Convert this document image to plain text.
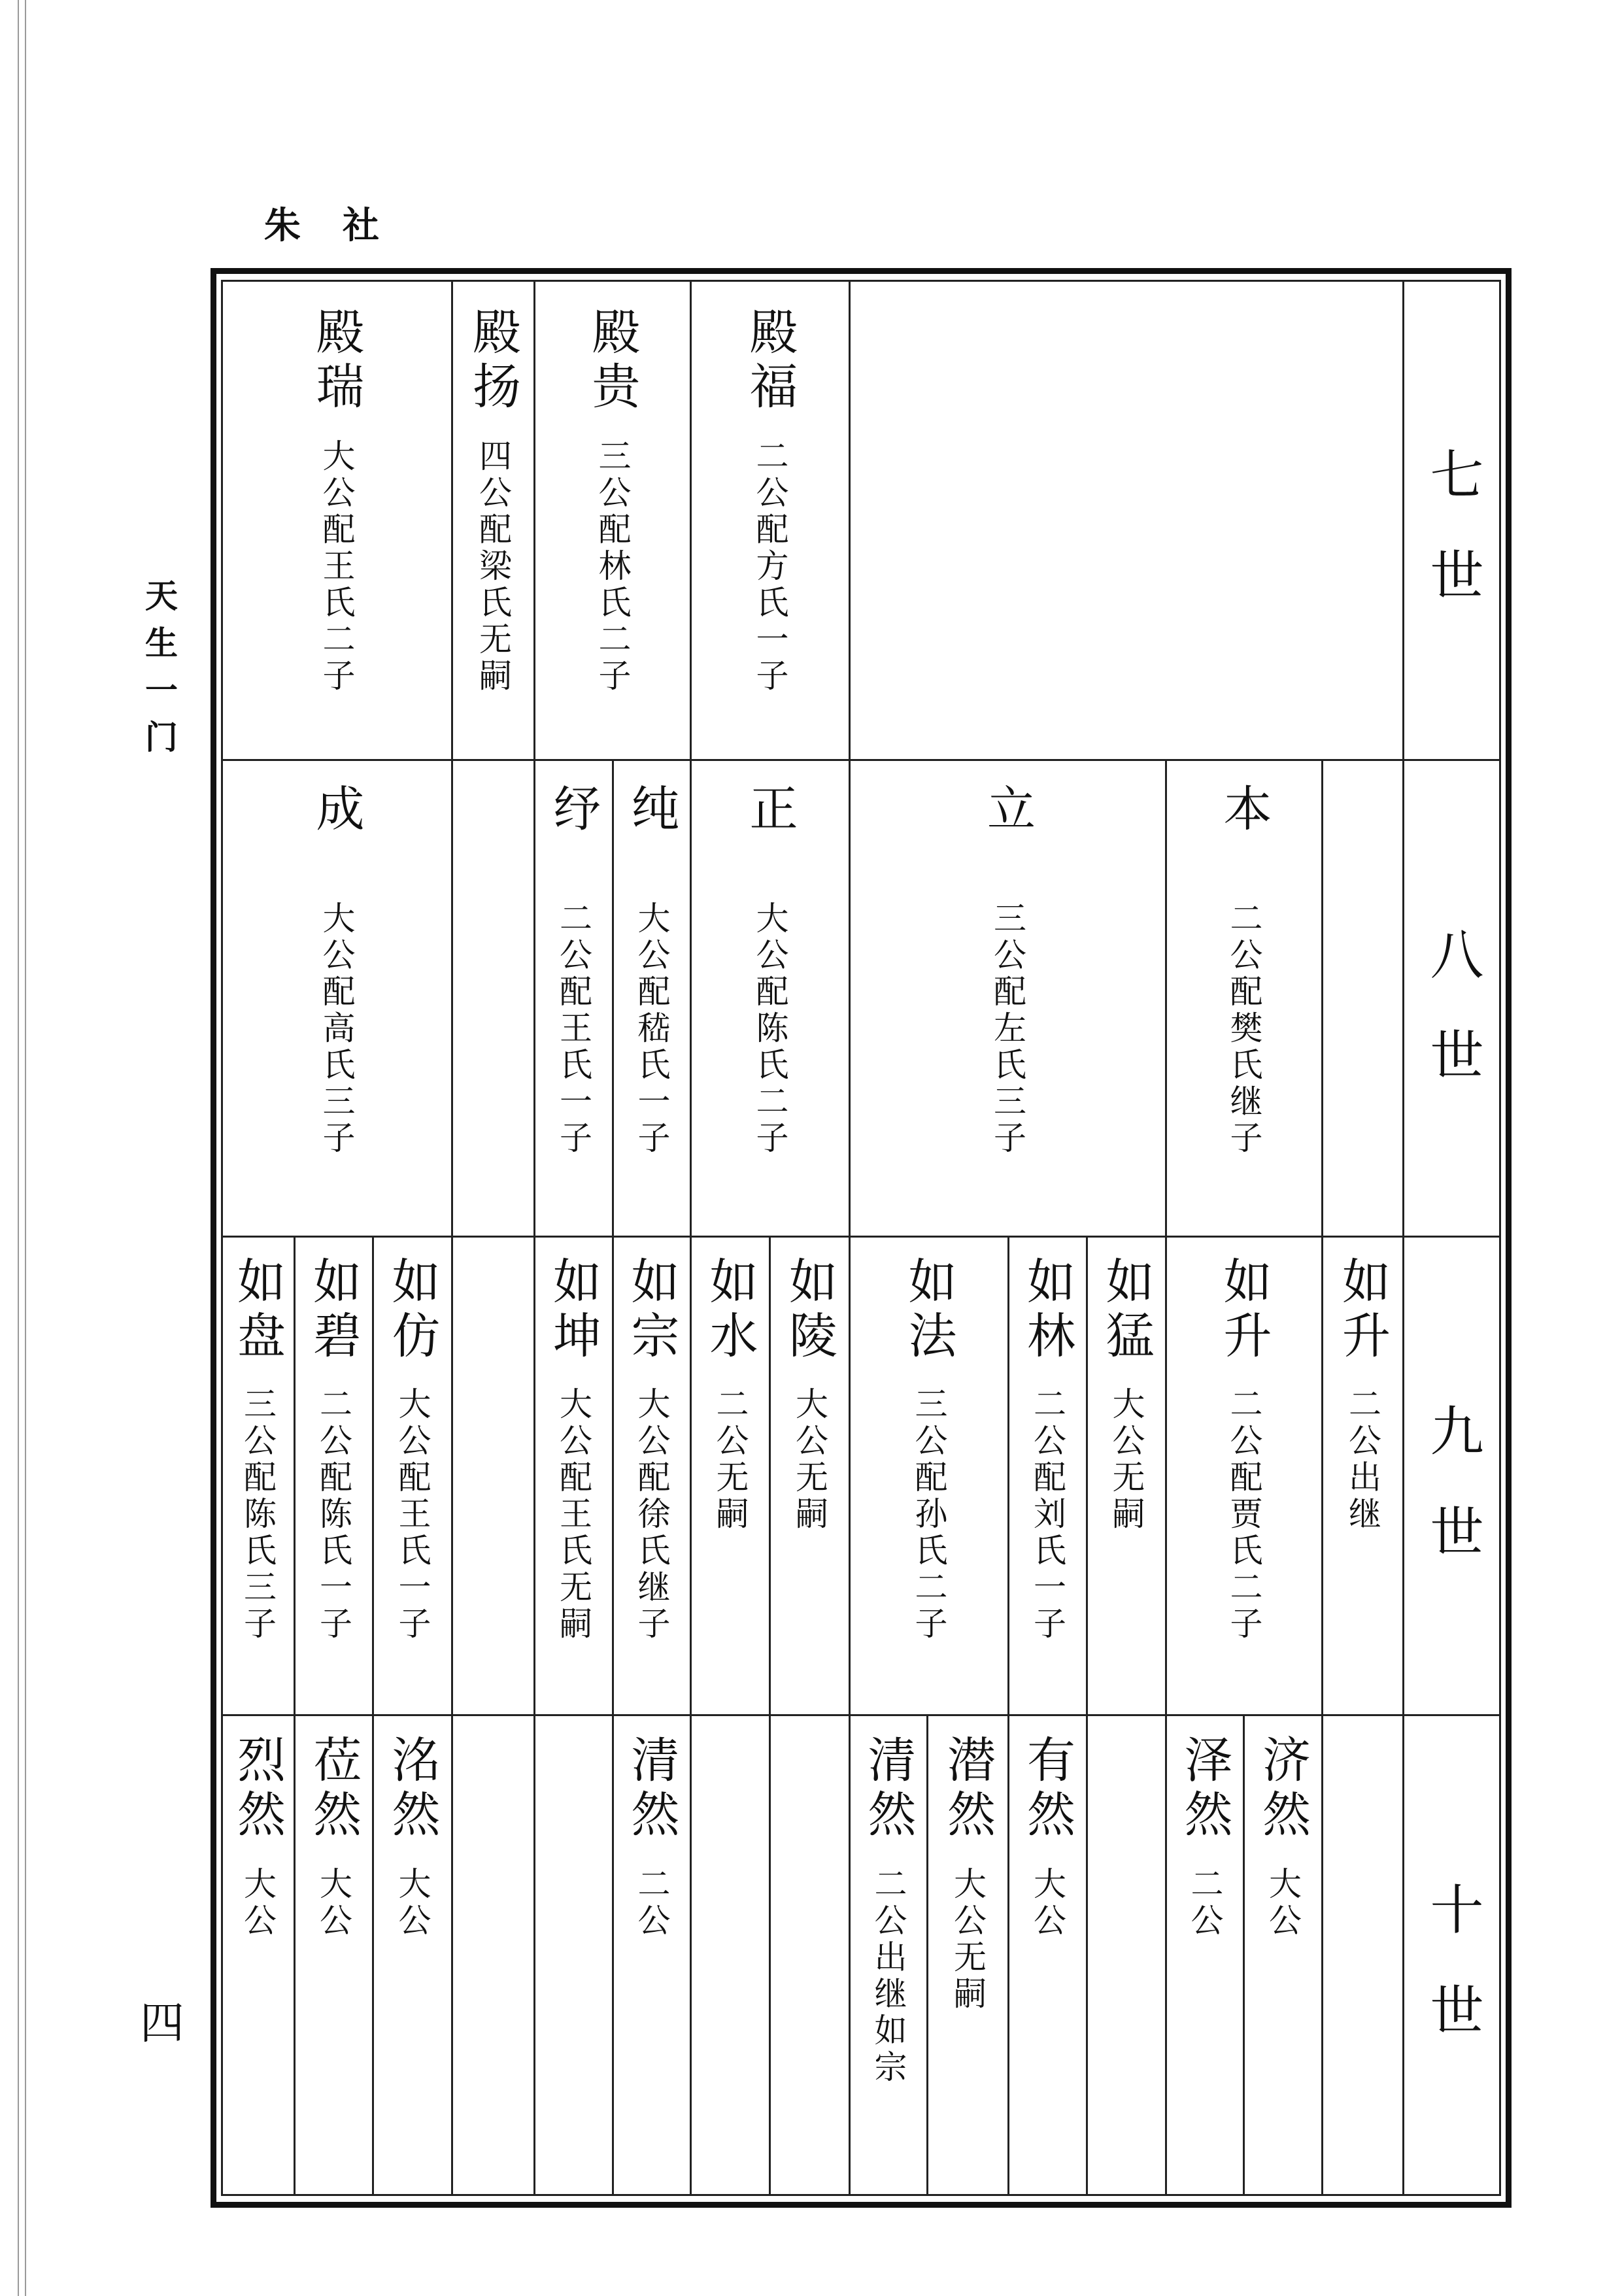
朱社
天生一门
四
七世
八世
九世
十世
殿福
二公配方氏一子
殿贵
三公配林氏二子
殿扬
四公配梁氏无嗣
殿瑞
大公配王氏二子
本
二公配樊氏继子
立
三公配左氏三子
正
大公配陈氏二子
纯
大公配嵇氏一子
纾
二公配王氏一子
成
大公配高氏三子
如升
二公出继
如升
二公配贾氏二子
如猛
大公无嗣
如林
二公配刘氏一子
如法
三公配孙氏二子
如陵
大公无嗣
如水
二公无嗣
如宗
大公配徐氏继子
如坤
大公配王氏无嗣
如仿
大公配王氏一子
如碧
二公配陈氏一子
如盘
三公配陈氏三子
济然
大公
泽然
二公
有然
大公
潜然
大公无嗣
清然
二公出继如宗
清然
二公
洺然
大公
莅然
大公
烈然
大公
